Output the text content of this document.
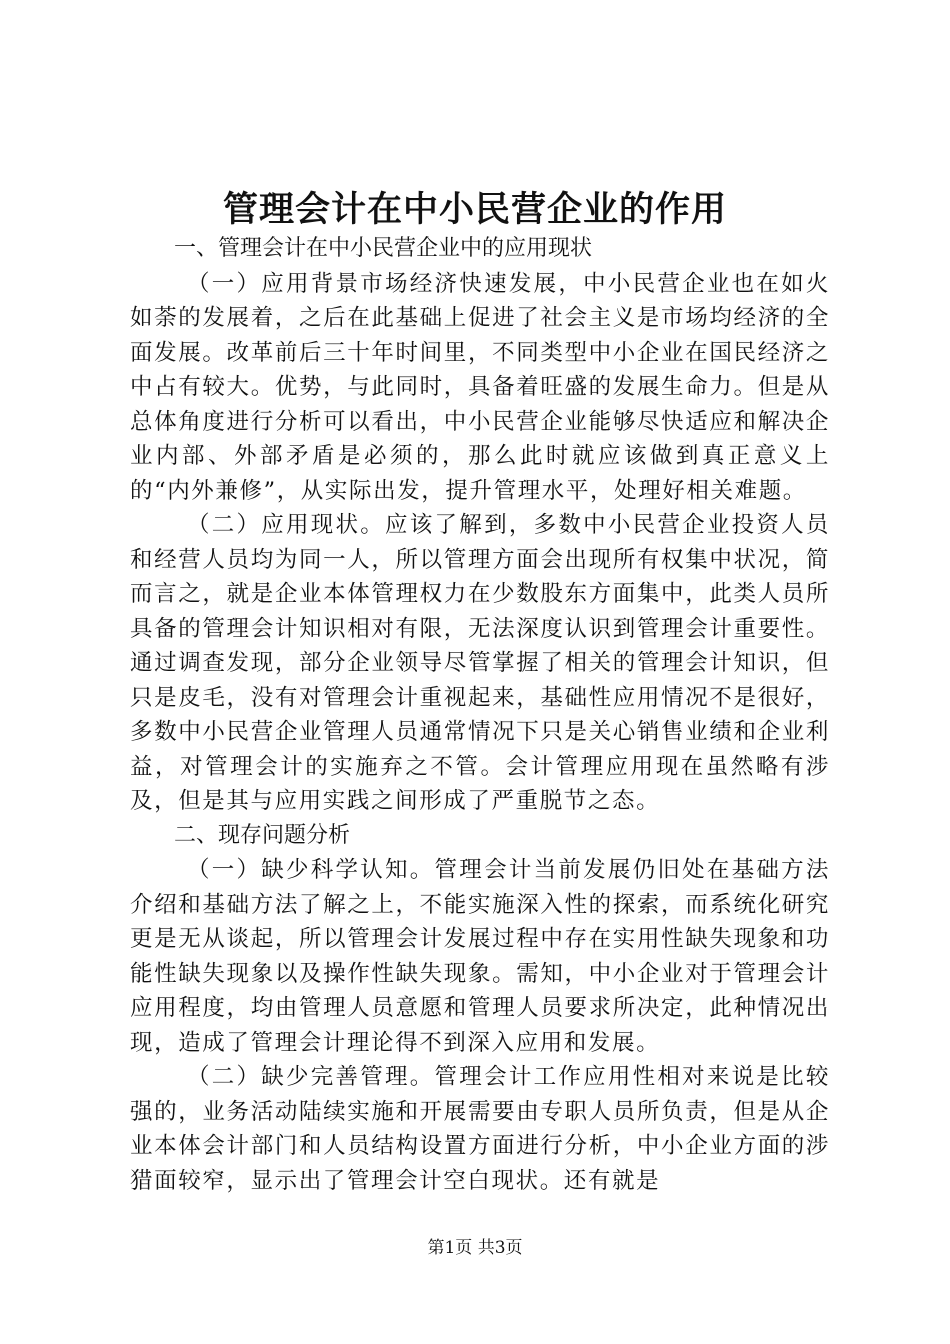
管理会计在中小民营企业的作用

一、管理会计在中小民营企业中的应用现状

（一）应用背景市场经济快速发展，中小民营企业也在如火如荼的发展着，之后在此基础上促进了社会主义是市场均经济的全面发展。改革前后三十年时间里，不同类型中小企业在国民经济之中占有较大。优势，与此同时，具备着旺盛的发展生命力。但是从总体角度进行分析可以看出，中小民营企业能够尽快适应和解决企业内部、外部矛盾是必须的，那么此时就应该做到真正意义上的“内外兼修”，从实际出发，提升管理水平，处理好相关难题。

（二）应用现状。应该了解到，多数中小民营企业投资人员和经营人员均为同一人，所以管理方面会出现所有权集中状况，简而言之，就是企业本体管理权力在少数股东方面集中，此类人员所具备的管理会计知识相对有限，无法深度认识到管理会计重要性。通过调查发现，部分企业领导尽管掌握了相关的管理会计知识，但只是皮毛，没有对管理会计重视起来，基础性应用情况不是很好，多数中小民营企业管理人员通常情况下只是关心销售业绩和企业利益，对管理会计的实施弃之不管。会计管理应用现在虽然略有涉及，但是其与应用实践之间形成了严重脱节之态。

二、现存问题分析

（一）缺少科学认知。管理会计当前发展仍旧处在基础方法介绍和基础方法了解之上，不能实施深入性的探索，而系统化研究更是无从谈起，所以管理会计发展过程中存在实用性缺失现象和功能性缺失现象以及操作性缺失现象。需知，中小企业对于管理会计应用程度，均由管理人员意愿和管理人员要求所决定，此种情况出现，造成了管理会计理论得不到深入应用和发展。

（二）缺少完善管理。管理会计工作应用性相对来说是比较强的，业务活动陆续实施和开展需要由专职人员所负责，但是从企业本体会计部门和人员结构设置方面进行分析，中小企业方面的涉猎面较窄，显示出了管理会计空白现状。还有就是

第1页 共3页
